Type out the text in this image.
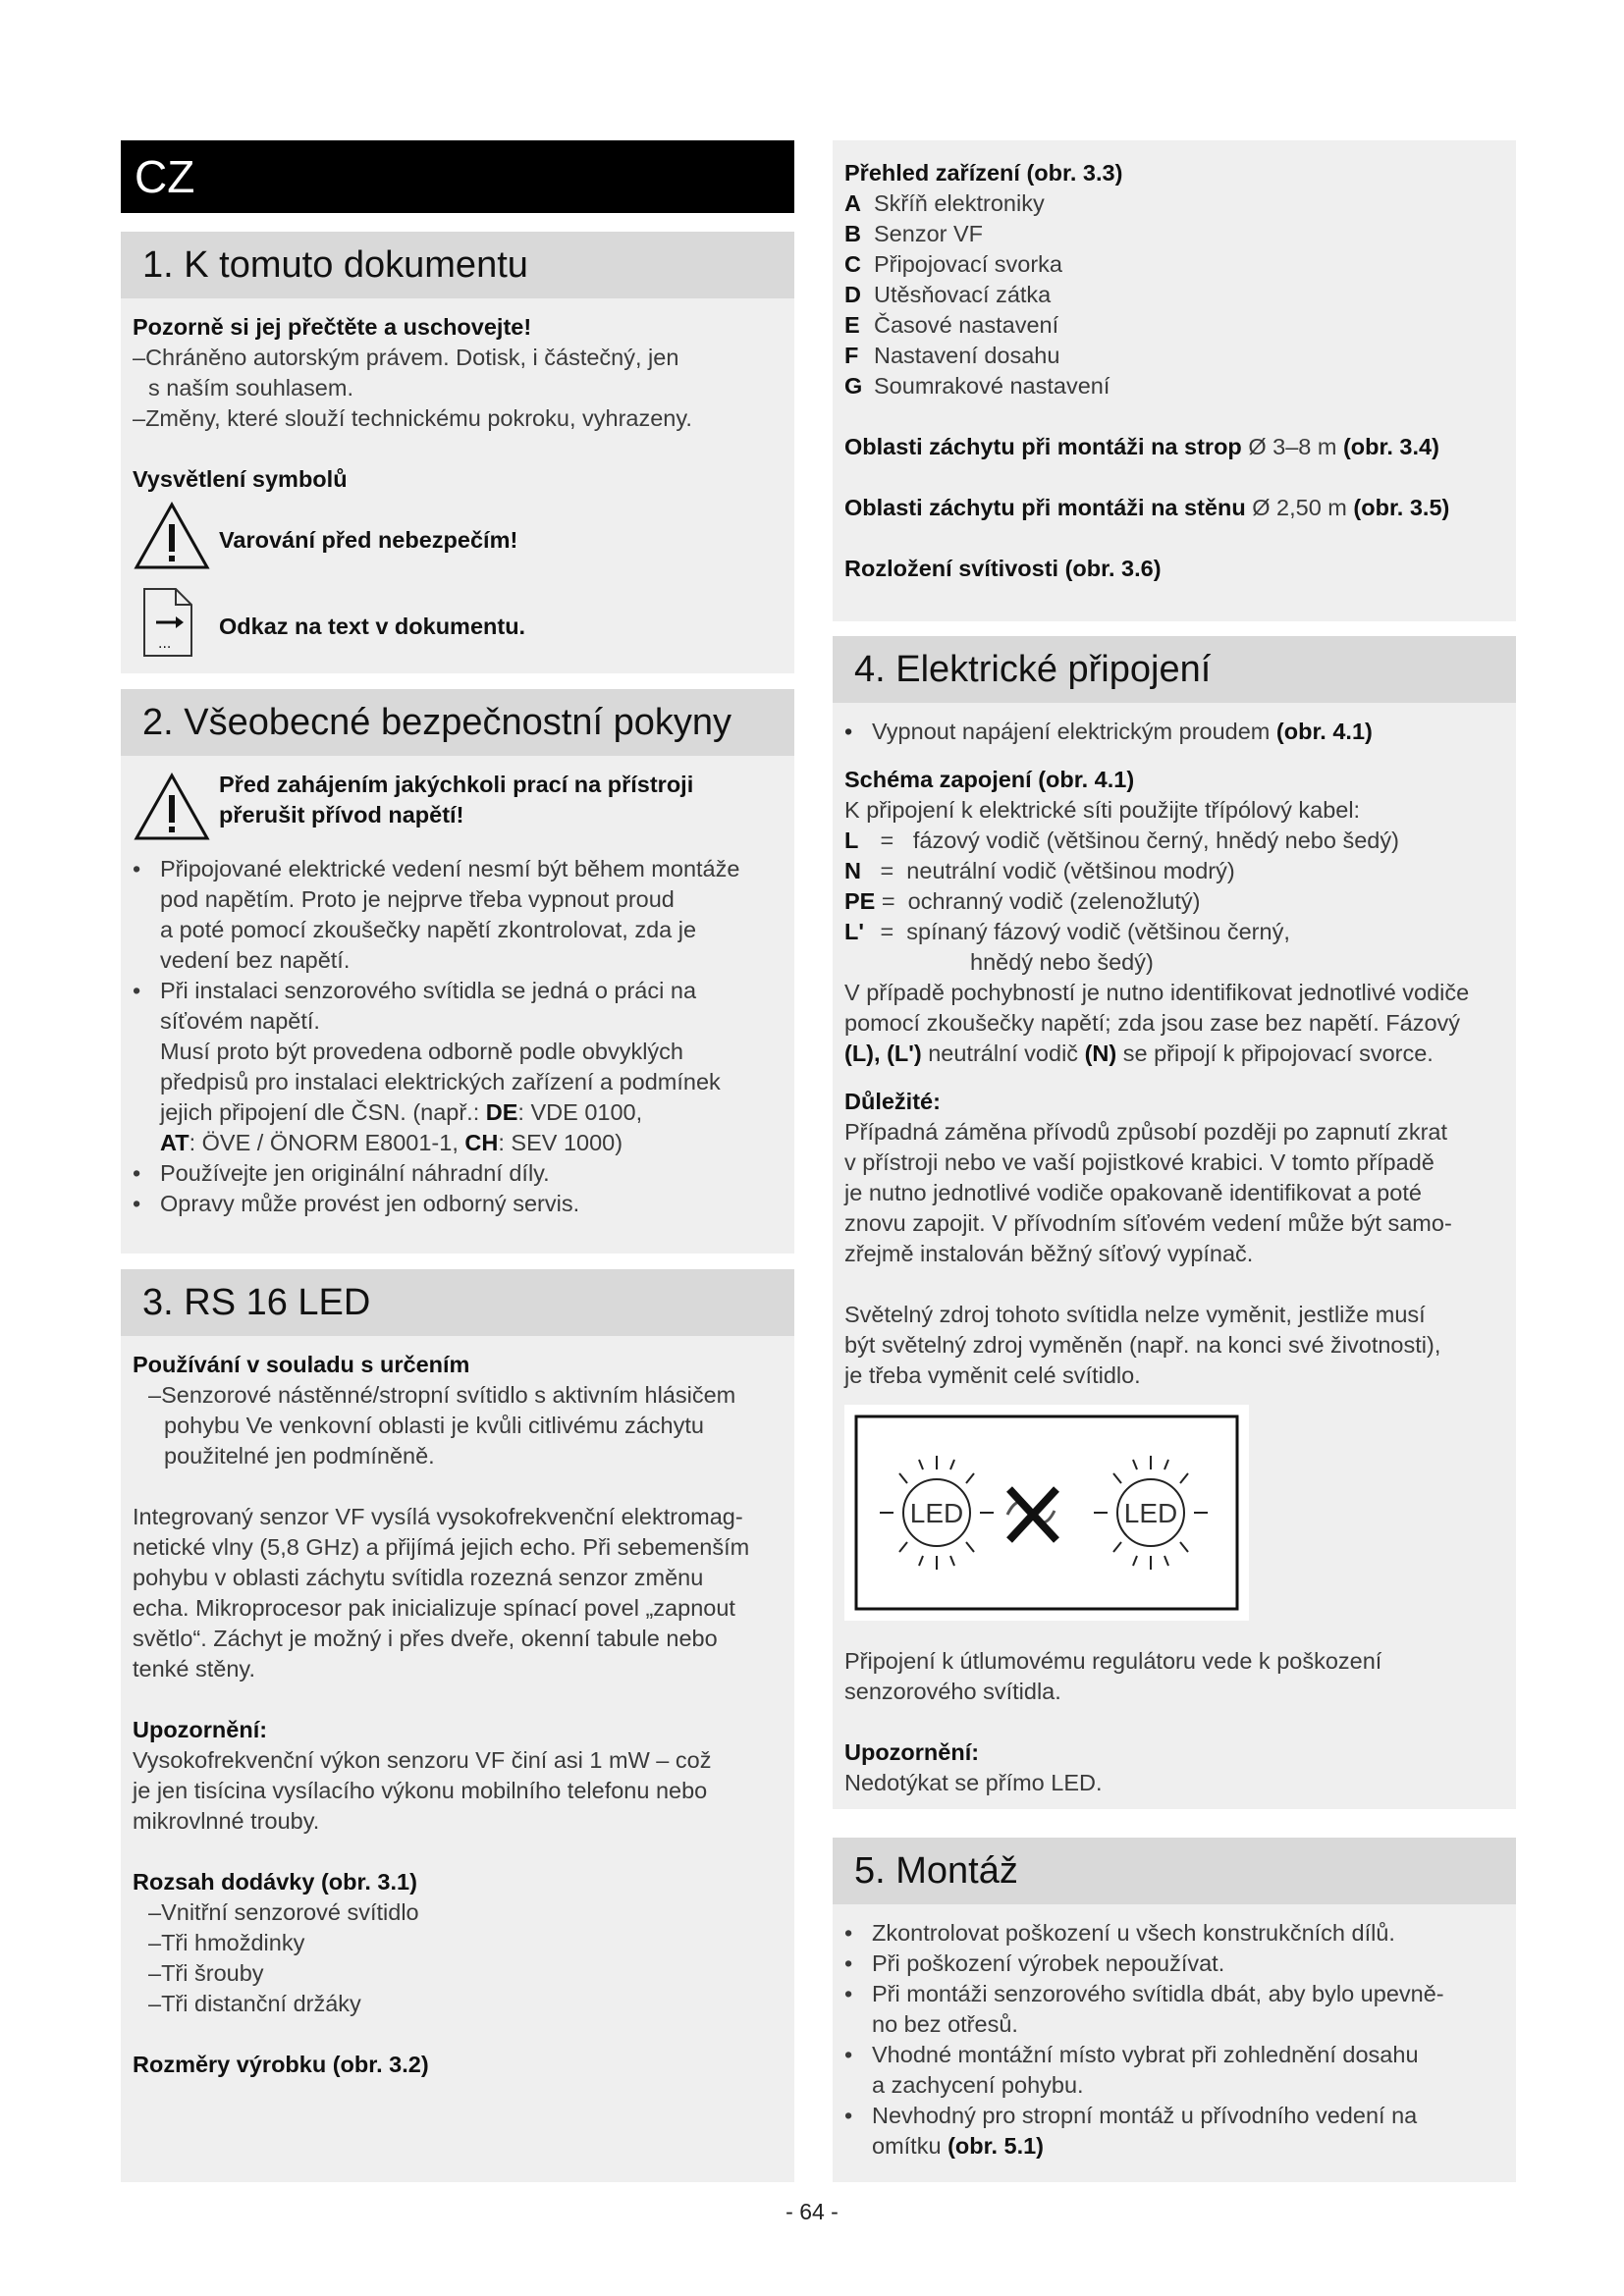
CZ
1. K tomuto dokumentu

Pozorně si jej přečtěte a uschovejte!

–Chráněno autorským právem. Dotisk, i částečný, jen

s naším souhlasem.

–Změny, které slouží technickému pokroku, vyhrazeny.

Vysvětlení symbolů

Varování před nebezpečím!

...

Odkaz na text v dokumentu.

2. Všeobecné bezpečnostní pokyny

Před zahájením jakýchkoli prací na přístroji

přerušit přívod napětí!

• Připojované elektrické vedení nesmí být během montáže
pod napětím. Proto je nejprve třeba vypnout proud
a poté pomocí zkoušečky napětí zkontrolovat, zda je
vedení bez napětí.
• Při instalaci senzorového svítidla se jedná o práci na
síťovém napětí.
Musí proto být provedena odborně podle obvyklých
předpisů pro instalaci elektrických zařízení a podmínek
jejich připojení dle ČSN. (např.: DE: VDE 0100,
AT: ÖVE / ÖNORM E8001-1, CH: SEV 1000)
• Používejte jen originální náhradní díly.
• Opravy může provést jen odborný servis.
3. RS 16 LED

Používání v souladu s určením

–Senzorové nástěnné/stropní svítidlo s aktivním hlásičem

pohybu Ve venkovní oblasti je kvůli citlivému záchytu

použitelné jen podmíněně.

Integrovaný senzor VF vysílá vysokofrekvenční elektromag-

netické vlny (5,8 GHz) a přijímá jejich echo. Při sebemenším

pohybu v oblasti záchytu svítidla rozezná senzor změnu

echa. Mikroprocesor pak inicializuje spínací povel „zapnout

světlo“. Záchyt je možný i přes dveře, okenní tabule nebo

tenké stěny.

Upozornění:

Vysokofrekvenční výkon senzoru VF činí asi 1 mW – což

je jen tisícina vysílacího výkonu mobilního telefonu nebo

mikrovlnné trouby.

Rozsah dodávky (obr. 3.1)

–Vnitřní senzorové svítidlo

–Tři hmoždinky

–Tři šrouby

–Tři distanční držáky

Rozměry výrobku (obr. 3.2)

Přehled zařízení (obr. 3.3)

A Skříň elektroniky
B Senzor VF
C Připojovací svorka
D Utěsňovací zátka
E Časové nastavení
F Nastavení dosahu
G Soumrakové nastavení

Oblasti záchytu při montáži na strop Ø 3–8 m (obr. 3.4)

Oblasti záchytu při montáži na stěnu Ø 2,50 m (obr. 3.5)

Rozložení svítivosti (obr. 3.6)

4. Elektrické připojení
• Vypnout napájení elektrickým proudem (obr. 4.1)

Schéma zapojení (obr. 4.1)

K připojení k elektrické síti použijte třípólový kabel:

L =   fázový vodič (většinou černý, hnědý nebo šedý)
N =  neutrální vodič (většinou modrý)
PE =  ochranný vodič (zelenožlutý)
L' =  spínaný fázový vodič (většinou černý,

hnědý nebo šedý)

V případě pochybností je nutno identifikovat jednotlivé vodiče

pomocí zkoušečky napětí; zda jsou zase bez napětí. Fázový

(L), (L') neutrální vodič (N) se připojí k připojovací svorce.

Důležité:

Případná záměna přívodů způsobí později po zapnutí zkrat

v přístroji nebo ve vaší pojistkové krabici. V tomto případě

je nutno jednotlivé vodiče opakovaně identifikovat a poté

znovu zapojit. V přívodním síťovém vedení může být samo-

zřejmě instalován běžný síťový vypínač.

Světelný zdroj tohoto svítidla nelze vyměnit, jestliže musí

být světelný zdroj vyměněn (např. na konci své životnosti),

je třeba vyměnit celé svítidlo.

LED	LED

Připojení k útlumovému regulátoru vede k poškození

senzorového svítidla.

Upozornění:

Nedotýkat se přímo LED.

5. Montáž
• Zkontrolovat poškození u všech konstrukčních dílů.
• Při poškození výrobek nepoužívat.
• Při montáži senzorového svítidla dbát, aby bylo upevně-
no bez otřesů.
• Vhodné montážní místo vybrat při zohlednění dosahu
a zachycení pohybu.
• Nevhodný pro stropní montáž u přívodního vedení na
omítku (obr. 5.1)
- 64 -
